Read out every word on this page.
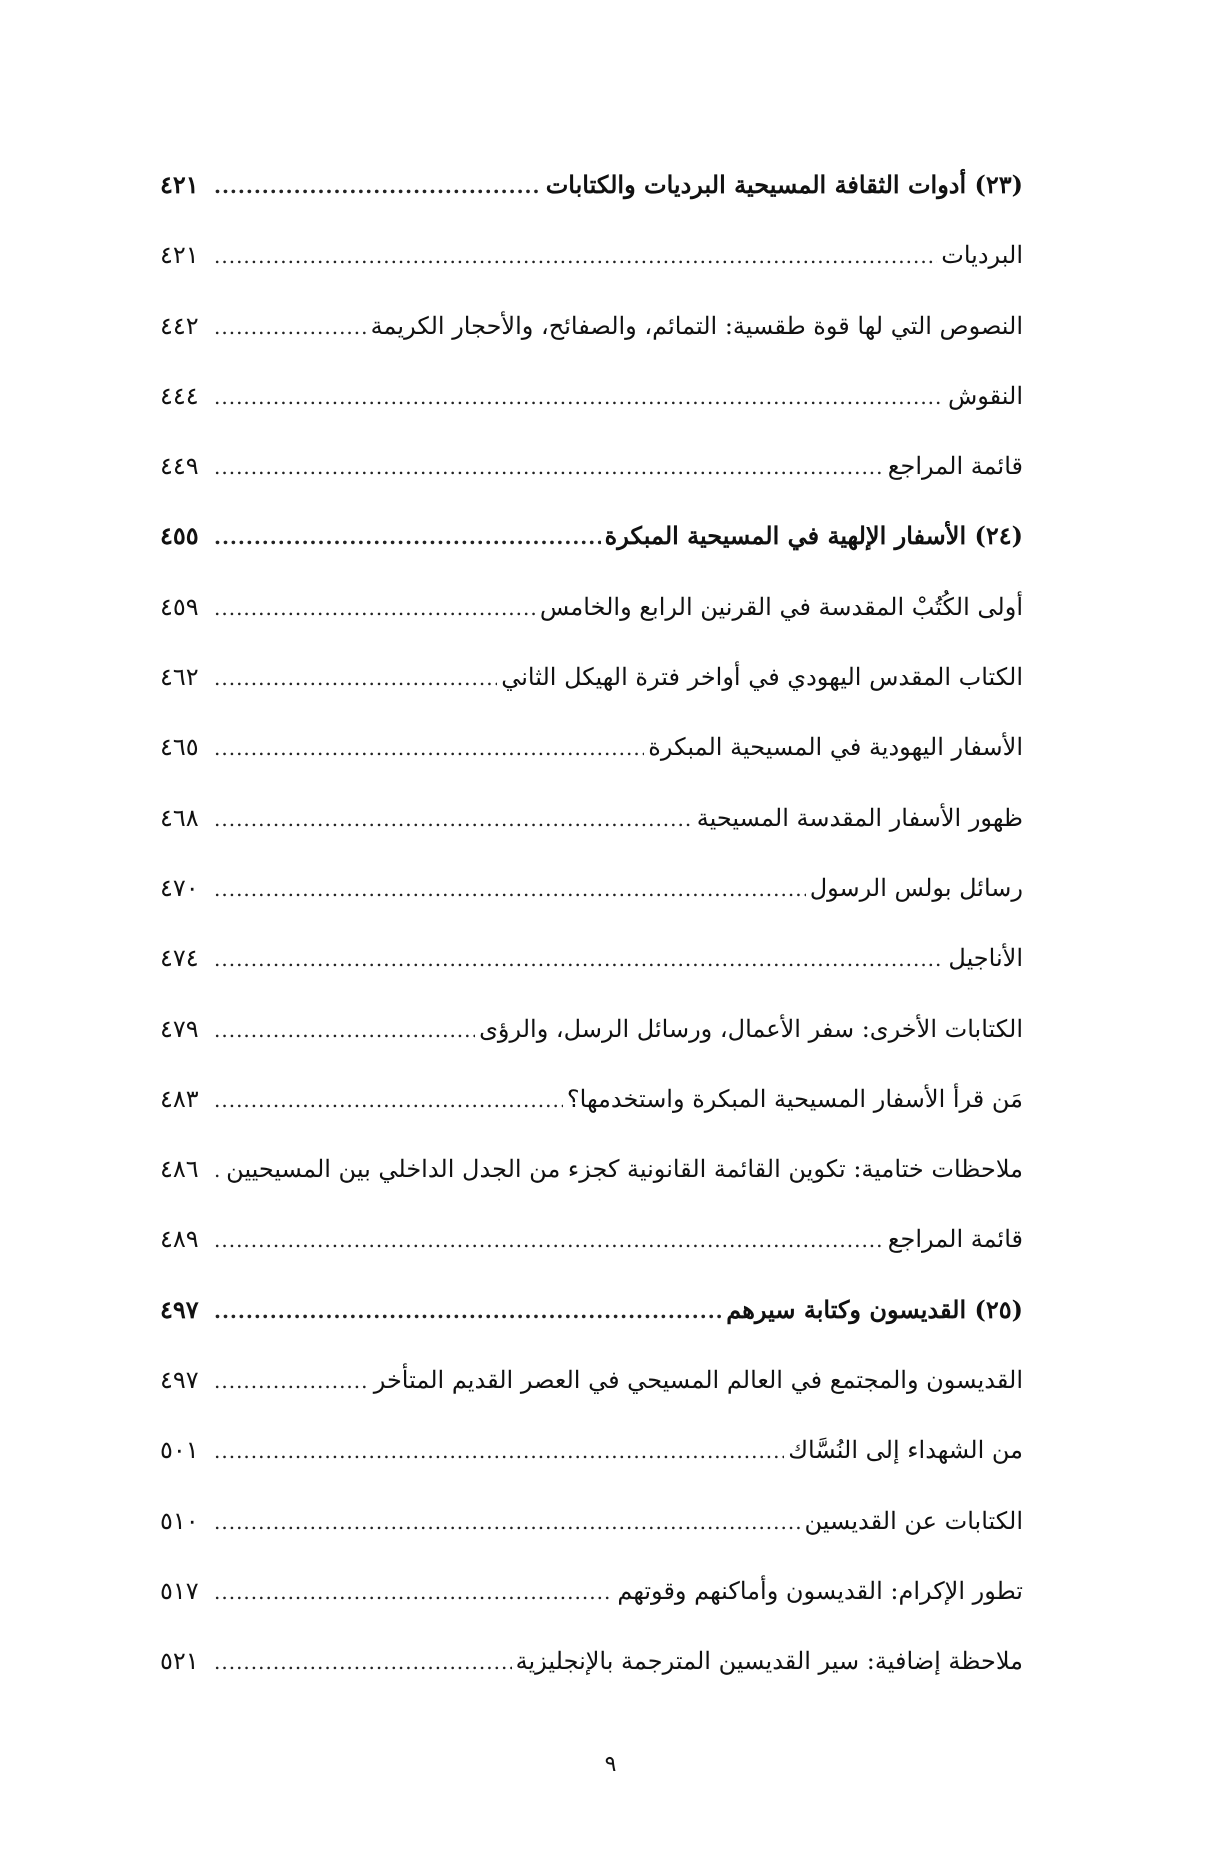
(٢٣) أدوات الثقافة المسيحية البرديات والكتابات
.....
٤٢١
البرديات
.....
٤٢١
النصوص التي لها قوة طقسية: التمائم، والصفائح، والأحجار الكريمة
.....
٤٤٢
النقوش
.....
٤٤٤
قائمة المراجع
.....
٤٤٩
(٢٤) الأسفار الإلهية في المسيحية المبكرة
.....
٤٥٥
أولى الكُتُبْ المقدسة في القرنين الرابع والخامس
.....
٤٥٩
الكتاب المقدس اليهودي في أواخر فترة الهيكل الثاني
.....
٤٦٢
الأسفار اليهودية في المسيحية المبكرة
.....
٤٦٥
ظهور الأسفار المقدسة المسيحية
.....
٤٦٨
رسائل بولس الرسول
.....
٤٧٠
الأناجيل
.....
٤٧٤
الكتابات الأخرى: سفر الأعمال، ورسائل الرسل، والرؤى
.....
٤٧٩
مَن قرأ الأسفار المسيحية المبكرة واستخدمها؟
.....
٤٨٣
ملاحظات ختامية: تكوين القائمة القانونية كجزء من الجدل الداخلي بين المسيحيين
.....
٤٨٦
قائمة المراجع
.....
٤٨٩
(٢٥) القديسون وكتابة سيرهم
.....
٤٩٧
القديسون والمجتمع في العالم المسيحي في العصر القديم المتأخر
.....
٤٩٧
من الشهداء إلى النُسَّاك
.....
٥٠١
الكتابات عن القديسين
.....
٥١٠
تطور الإكرام: القديسون وأماكنهم وقوتهم
.....
٥١٧
ملاحظة إضافية: سير القديسين المترجمة بالإنجليزية
.....
٥٢١
٩
